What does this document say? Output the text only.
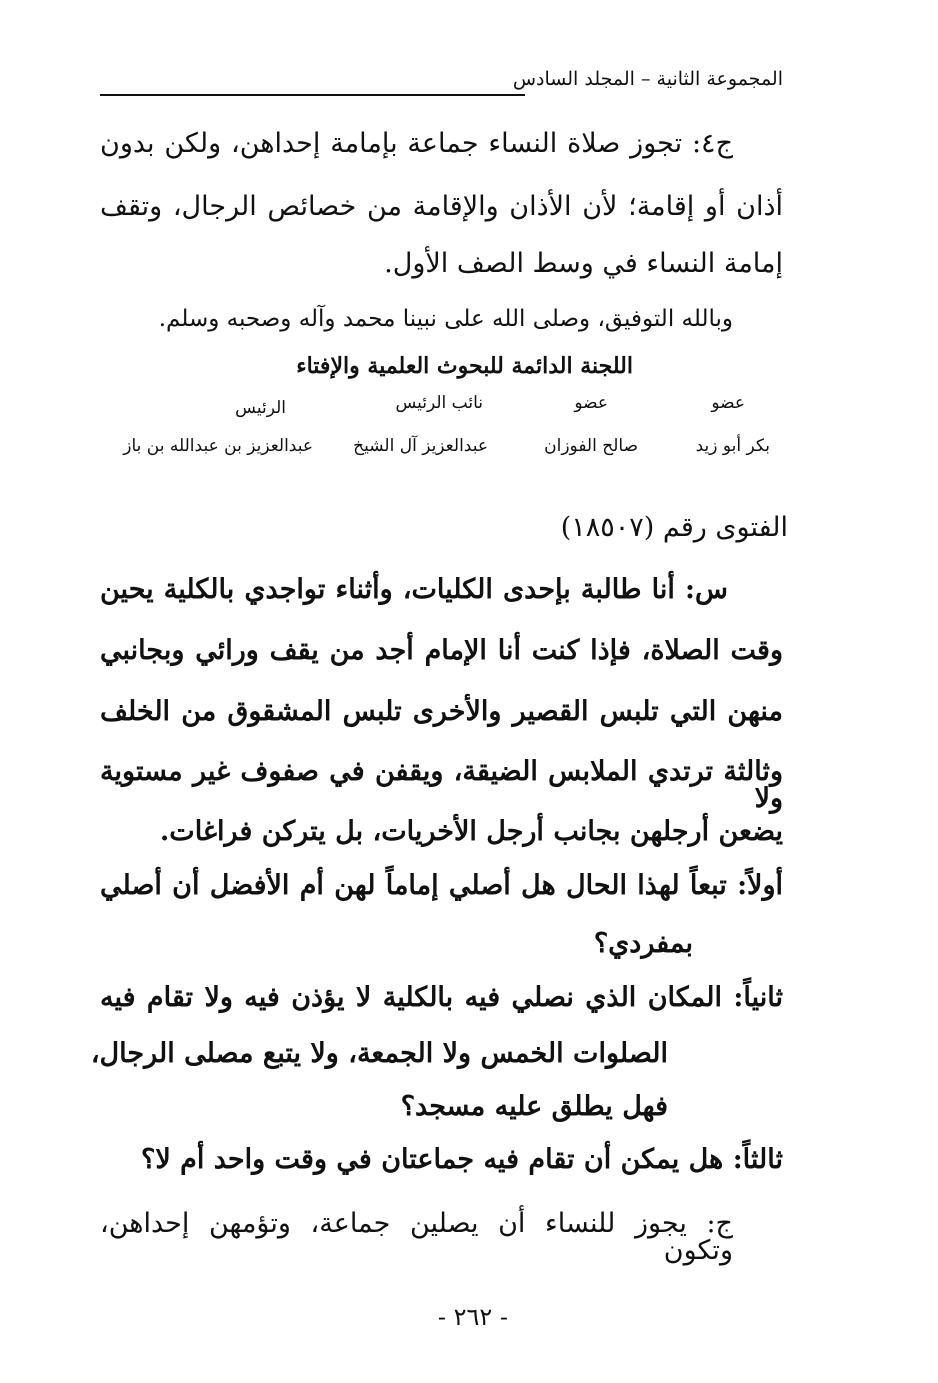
المجموعة الثانية – المجلد السادس
ج٤: تجوز صلاة النساء جماعة بإمامة إحداهن، ولكن بدون
أذان أو إقامة؛ لأن الأذان والإقامة من خصائص الرجال، وتقف
إمامة النساء في وسط الصف الأول.
وبالله التوفيق، وصلى الله على نبينا محمد وآله وصحبه وسلم.
اللجنة الدائمة للبحوث العلمية والإفتاء
عضو
عضو
نائب الرئيس
الرئيس
بكر أبو زيد
صالح الفوزان
عبدالعزيز آل الشيخ
عبدالعزيز بن عبدالله بن باز
الفتوى رقم (١٨٥٠٧)
س: أنا طالبة بإحدى الكليات، وأثناء تواجدي بالكلية يحين
وقت الصلاة، فإذا كنت أنا الإمام أجد من يقف ورائي وبجانبي
منهن التي تلبس القصير والأخرى تلبس المشقوق من الخلف
وثالثة ترتدي الملابس الضيقة، ويقفن في صفوف غير مستوية ولا
يضعن أرجلهن بجانب أرجل الأخريات، بل يتركن فراغات.
أولاً: تبعاً لهذا الحال هل أصلي إماماً لهن أم الأفضل أن أصلي
بمفردي؟
ثانياً: المكان الذي نصلي فيه بالكلية لا يؤذن فيه ولا تقام فيه
الصلوات الخمس ولا الجمعة، ولا يتبع مصلى الرجال،
فهل يطلق عليه مسجد؟
ثالثاً: هل يمكن أن تقام فيه جماعتان في وقت واحد أم لا؟
ج: يجوز للنساء أن يصلين جماعة، وتؤمهن إحداهن، وتكون
- ٢٦٢ -
